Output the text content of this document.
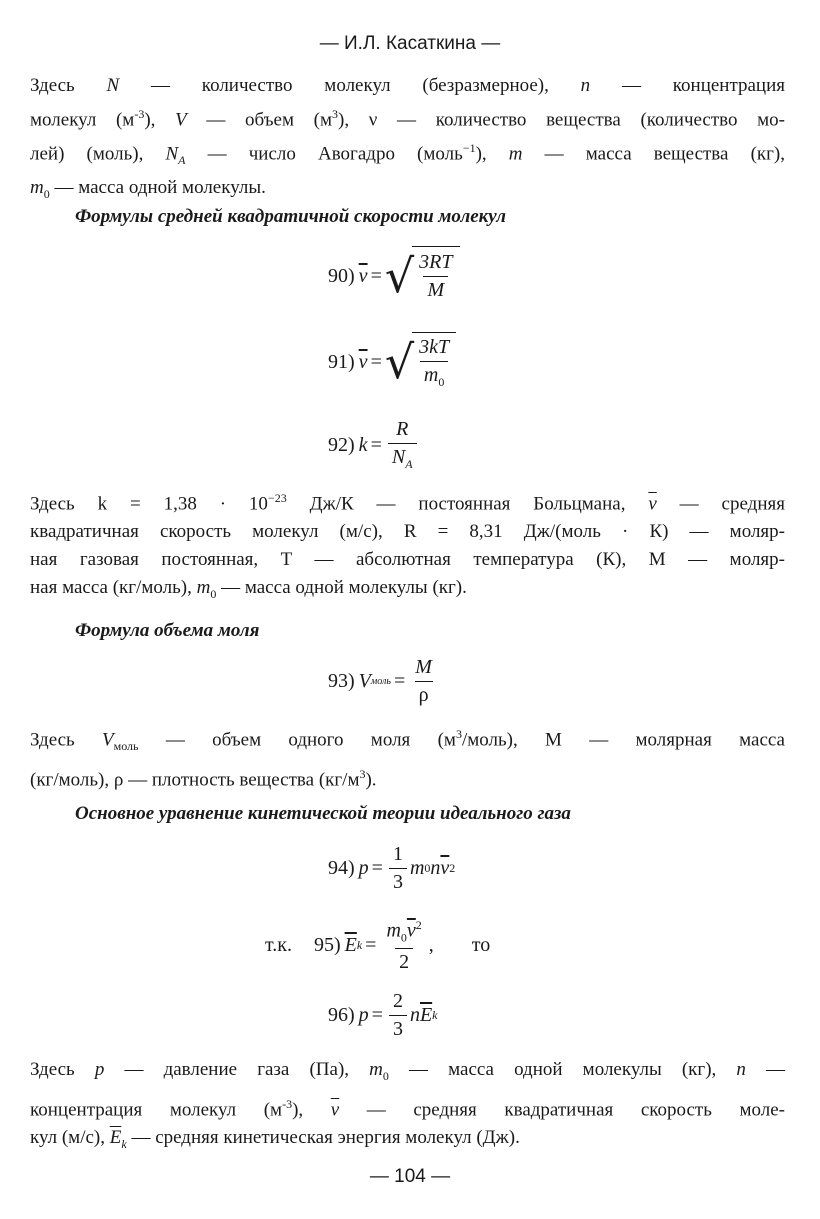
— И.Л. Касаткина —
Здесь N — количество молекул (безразмерное), n — концентрация
молекул $(м^{-3})$, V — объем $(м^3)$, ν — количество вещества (количество мо-
лей) (моль), $N_A$ — число Авогадро (моль$^{-1}$), m — масса вещества (кг),
$m_0$ — масса одной молекулы.
Формулы средней квадратичной скорости молекул
90) $\overline{v}$ = √ $\frac{3RT}{M}$
91) $\overline{v}$ = √ $\frac{3kT}{m_0}$
92) $k = \frac{R}{N_A}$
Здесь $k = 1,38 \cdot 10^{-23}$ Дж/К — постоянная Больцмана, $\overline{v}$ — средняя
квадратичная скорость молекул (м/с), R = 8,31 Дж/(моль · К) — моляр-
ная газовая постоянная, T — абсолютная температура (К), M — моляр-
ная масса (кг/моль), $m_0$ — масса одной молекулы (кг).
Формула объема моля
93) V моль = $\frac{M}{\rho}$
Здесь $V_{моль}$ — объем одного моля $(м^3/моль)$, M — молярная масса
(кг/моль), ρ — плотность вещества $(кг/м^3)$.
Основное уравнение кинетической теории идеального газа
94) $p = \frac{1}{3}$ m 0 n $\overline{v}$ 2
т.к. 95) $\overline{E}$ $k = \frac{m_0\overline{v}^2}{2}$ , то
96) $p = \frac{2}{3}$ n $\overline{E}$ k
Здесь p — давление газа (Па), $m_0$ — масса одной молекулы (кг), n —
концентрация молекул $(м^{-3})$, $\overline{v}$ — средняя квадратичная скорость моле-
кул (м/с), $\overline{E}_k$ — средняя кинетическая энергия молекул (Дж).
— 104 —
